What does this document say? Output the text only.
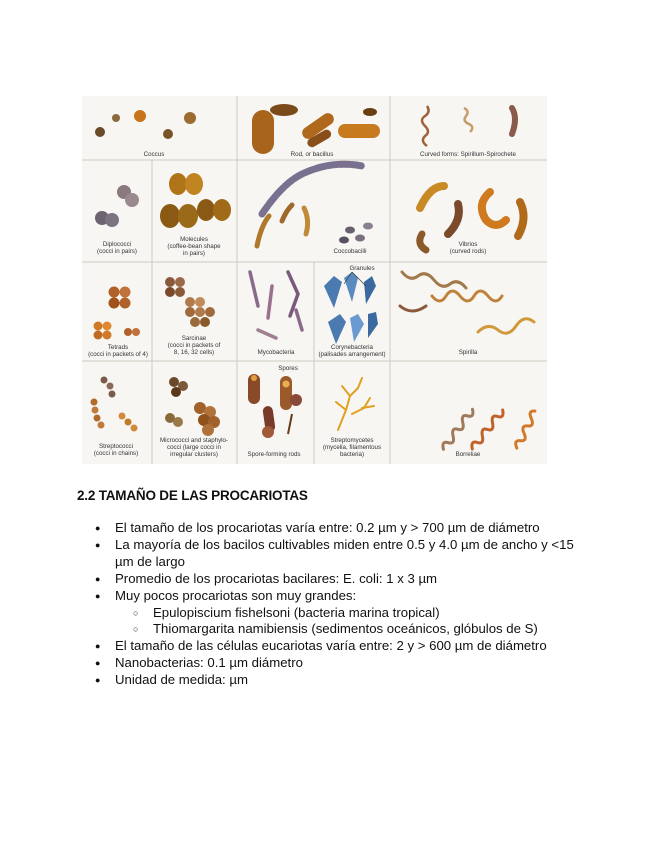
Coccus	Rod, or bacillus	Curved forms: Spirillum-Spirochete
Diplococci
(cocci in pairs)
Molecules
(coffee-bean shape
in pairs)	Coccobacilli
Vibrios
(curved rods)
Tetrads
(cocci in packets of 4)
Sarcinae
(cocci in packets of
8, 16, 32 cells)	Mycobacteria
Granules
Corynebacteria
(palisades arrangement)	Spirilla
Streptococci
(cocci in chains)
Micrococci and staphylo-
cocci (large cocci in
irregular clusters)
Spores
Spore-forming rods
Streptomycetes
(mycelia, filamentous
bacteria)	Borreliae
2.2 TAMAÑO DE LAS PROCARIOTAS
● El tamaño de los procariotas varía entre: 0.2 µm y > 700 µm de diámetro
● La mayoría de los bacilos cultivables miden entre 0.5 y 4.0 µm de ancho y <15 µm de largo
● Promedio de los procariotas bacilares: E. coli: 1 x 3 µm
● Muy pocos procariotas son muy grandes:
○ Epulopiscium fishelsoni (bacteria marina tropical)
○ Thiomargarita namibiensis (sedimentos oceánicos, glóbulos de S)
● El tamaño de las células eucariotas varía entre: 2 y > 600 µm de diámetro
● Nanobacterias: 0.1 µm diámetro
● Unidad de medida: µm
